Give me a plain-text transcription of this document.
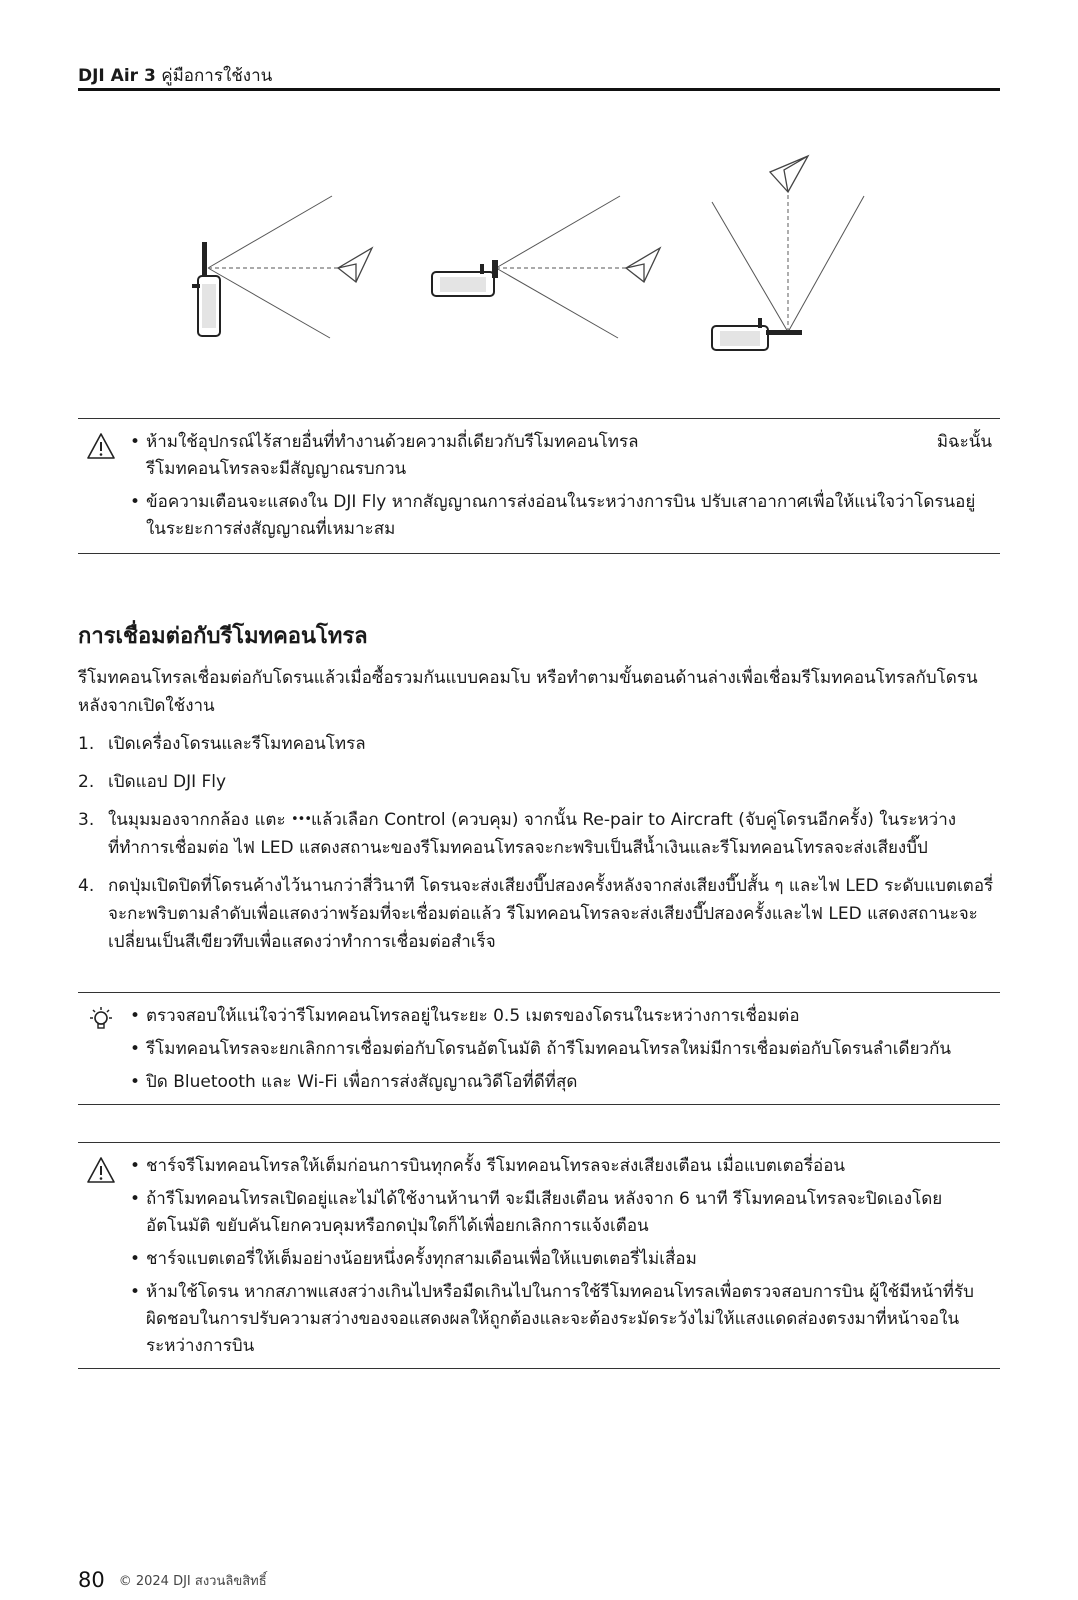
DJI Air 3 คู่มือการใช้งาน
• ห้ามใช้อุปกรณ์ไร้สายอื่นที่ทำงานด้วยความถี่เดียวกับรีโมทคอนโทรล	มิฉะนั้น
รีโมทคอนโทรลจะมีสัญญาณรบกวน
• ข้อความเตือนจะแสดงใน DJI Fly หากสัญญาณการส่งอ่อนในระหว่างการบิน ปรับเสาอากาศเพื่อให้แน่ใจว่าโดรนอยู่ในระยะการส่งสัญญาณที่เหมาะสม
การเชื่อมต่อกับรีโมทคอนโทรล

รีโมทคอนโทรลเชื่อมต่อกับโดรนแล้วเมื่อซื้อรวมกันแบบคอมโบ หรือทำตามขั้นตอนด้านล่างเพื่อเชื่อมรีโมทคอนโทรลกับโดรนหลังจากเปิดใช้งาน

1. เปิดเครื่องโดรนและรีโมทคอนโทรล
2. เปิดแอป DJI Fly
3. ในมุมมองจากกล้อง แตะ •••แล้วเลือก Control (ควบคุม) จากนั้น Re-pair to Aircraft (จับคู่โดรนอีกครั้ง) ในระหว่างที่ทำการเชื่อมต่อ ไฟ LED แสดงสถานะของรีโมทคอนโทรลจะกะพริบเป็นสีน้ำเงินและรีโมทคอนโทรลจะส่งเสียงบี๊ป
4. กดปุ่มเปิดปิดที่โดรนค้างไว้นานกว่าสี่วินาที โดรนจะส่งเสียงบี๊ปสองครั้งหลังจากส่งเสียงบี๊ปสั้น ๆ และไฟ LED ระดับแบตเตอรี่จะกะพริบตามลำดับเพื่อแสดงว่าพร้อมที่จะเชื่อมต่อแล้ว รีโมทคอนโทรลจะส่งเสียงบี๊ปสองครั้งและไฟ LED แสดงสถานะจะเปลี่ยนเป็นสีเขียวทึบเพื่อแสดงว่าทำการเชื่อมต่อสำเร็จ
• ตรวจสอบให้แน่ใจว่ารีโมทคอนโทรลอยู่ในระยะ 0.5 เมตรของโดรนในระหว่างการเชื่อมต่อ
• รีโมทคอนโทรลจะยกเลิกการเชื่อมต่อกับโดรนอัตโนมัติ ถ้ารีโมทคอนโทรลใหม่มีการเชื่อมต่อกับโดรนลำเดียวกัน
• ปิด Bluetooth และ Wi-Fi เพื่อการส่งสัญญาณวิดีโอที่ดีที่สุด
• ชาร์จรีโมทคอนโทรลให้เต็มก่อนการบินทุกครั้ง รีโมทคอนโทรลจะส่งเสียงเตือน เมื่อแบตเตอรี่อ่อน
• ถ้ารีโมทคอนโทรลเปิดอยู่และไม่ได้ใช้งานห้านาที จะมีเสียงเตือน หลังจาก 6 นาที รีโมทคอนโทรลจะปิดเองโดยอัตโนมัติ ขยับคันโยกควบคุมหรือกดปุ่มใดก็ได้เพื่อยกเลิกการแจ้งเตือน
• ชาร์จแบตเตอรี่ให้เต็มอย่างน้อยหนึ่งครั้งทุกสามเดือนเพื่อให้แบตเตอรี่ไม่เสื่อม
• ห้ามใช้โดรน หากสภาพแสงสว่างเกินไปหรือมืดเกินไปในการใช้รีโมทคอนโทรลเพื่อตรวจสอบการบิน ผู้ใช้มีหน้าที่รับผิดชอบในการปรับความสว่างของจอแสดงผลให้ถูกต้องและจะต้องระมัดระวังไม่ให้แสงแดดส่องตรงมาที่หน้าจอในระหว่างการบิน
80 © 2024 DJI สงวนลิขสิทธิ์
